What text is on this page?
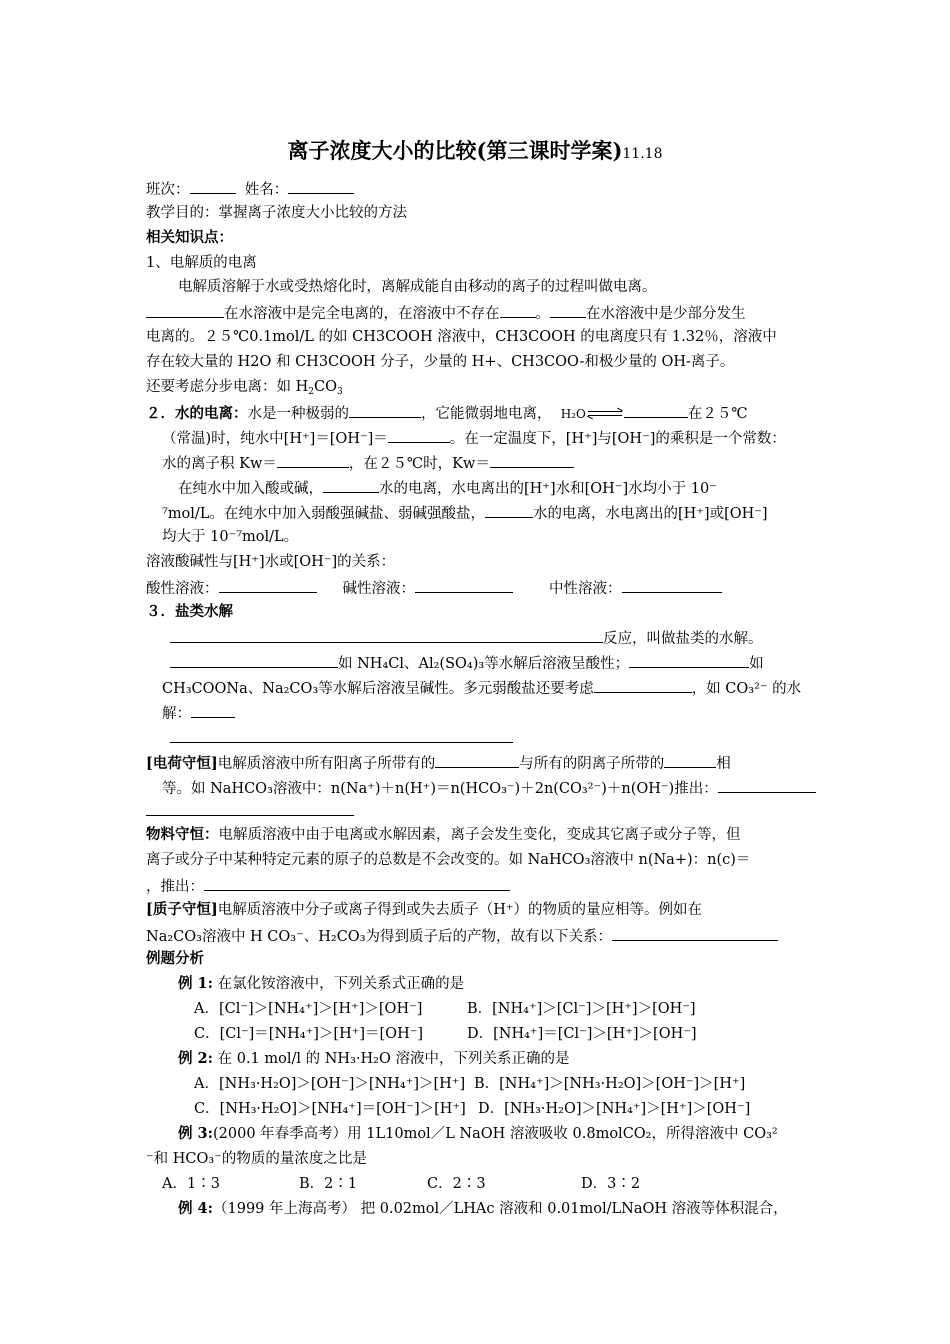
离子浓度大小的比较(第三课时学案)11.18
班次：	姓名：
教学目的：掌握离子浓度大小比较的方法
相关知识点：
1、电解质的电离
电解质溶解于水或受热熔化时，离解成能自由移动的离子的过程叫做电离。
在水溶液中是完全电离的，在溶液中不存在 。 在水溶液中是少部分发生
电离的。２５℃0.1mol/L 的如 CH3COOH 溶液中，CH3COOH 的电离度只有 1.32％，溶液中
存在较大量的 H2O 和 CH3COOH 分子，少量的 H+、CH3COO-和极少量的 OH-离子。
还要考虑分步电离：如 $H_2CO_3$
２．水的电离：水是一种极弱的	，它能微弱地电离， H₂O ⇌	在２５℃
（常温)时，纯水中[H⁺]＝[OH⁻]＝	。在一定温度下，[H⁺]与[OH⁻]的乘积是一个常数：
水的离子积 Kw＝	，在２５℃时，Kw＝
在纯水中加入酸或碱，	水的电离，水电离出的[H⁺]水和[OH⁻]水均小于 10⁻
⁷mol/L。在纯水中加入弱酸强碱盐、弱碱强酸盐，	水的电离，水电离出的[H⁺]或[OH⁻]
均大于 10⁻⁷mol/L。
溶液酸碱性与[H⁺]水或[OH⁻]的关系：
酸性溶液：	碱性溶液：	中性溶液：
３．盐类水解
反应，叫做盐类的水解。
如 NH₄Cl、Al₂(SO₄)₃等水解后溶液呈酸性；	如
CH₃COONa、Na₂CO₃等水解后溶液呈碱性。多元弱酸盐还要考虑	，如 CO₃²⁻ 的水
解：
[电荷守恒]电解质溶液中所有阳离子所带有的	与所有的阴离子所带的	相
等。如 NaHCO₃溶液中：n(Na⁺)＋n(H⁺)＝n(HCO₃⁻)＋2n(CO₃²⁻)＋n(OH⁻)推出：
物料守恒：电解质溶液中由于电离或水解因素，离子会发生变化，变成其它离子或分子等，但
离子或分子中某种特定元素的原子的总数是不会改变的。如 NaHCO₃溶液中 n(Na+)：n(c)＝
，推出：
[质子守恒]电解质溶液中分子或离子得到或失去质子（H⁺）的物质的量应相等。例如在
Na₂CO₃溶液中 H CO₃⁻、H₂CO₃为得到质子后的产物，故有以下关系：
例题分析
例 1: 在氯化铵溶液中，下列关系式正确的是
A．[Cl⁻]＞[NH₄⁺]＞[H⁺]＞[OH⁻]	B．[NH₄⁺]＞[Cl⁻]＞[H⁺]＞[OH⁻]
C．[Cl⁻]＝[NH₄⁺]＞[H⁺]＝[OH⁻]	D．[NH₄⁺]＝[Cl⁻]＞[H⁺]＞[OH⁻]
例 2: 在 0.1 mol/l 的 NH₃·H₂O 溶液中，下列关系正确的是
A．[NH₃·H₂O]＞[OH⁻]＞[NH₄⁺]＞[H⁺] B．[NH₄⁺]＞[NH₃·H₂O]＞[OH⁻]＞[H⁺]
C．[NH₃·H₂O]＞[NH₄⁺]＝[OH⁻]＞[H⁺] D．[NH₃·H₂O]＞[NH₄⁺]＞[H⁺]＞[OH⁻]
例 3:(2000 年春季高考）用 1L10mol／L NaOH 溶液吸收 0.8molCO₂，所得溶液中 CO₃²
⁻和 HCO₃⁻的物质的量浓度之比是
A．1∶3	B．2∶1	C．2∶3	D．3∶2
例 4:（1999 年上海高考） 把 0.02mol／LHAc 溶液和 0.01mol/LNaOH 溶液等体积混合，
